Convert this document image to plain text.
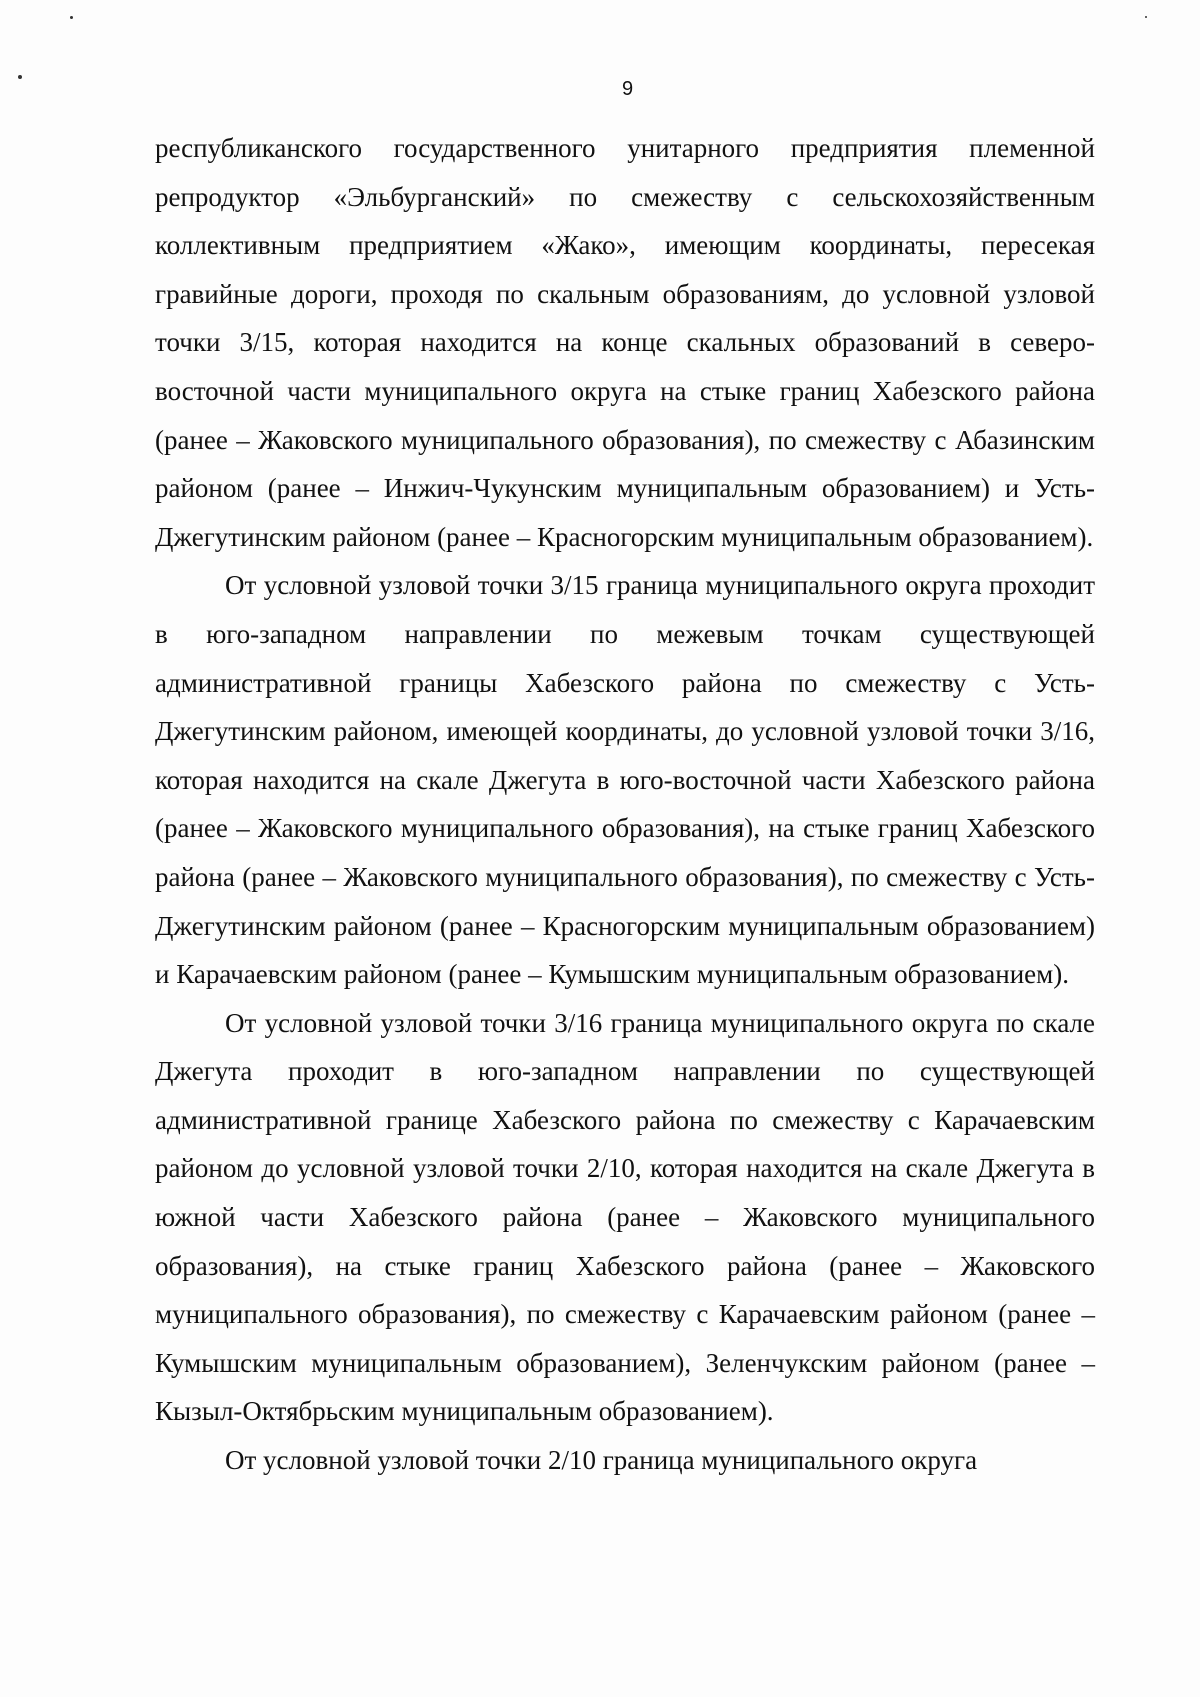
9

республиканского государственного унитарного предприятия племенной репродуктор «Эльбурганский» по смежеству с сельскохозяйственным коллективным предприятием «Жако», имеющим координаты, пересекая гравийные дороги, проходя по скальным образованиям, до условной узловой точки 3/15, которая находится на конце скальных образований в северо-восточной части муниципального округа на стыке границ Хабезского района (ранее – Жаковского муниципального образования), по смежеству с Абазинским районом (ранее – Инжич-Чукунским муниципальным образованием) и Усть-Джегутинским районом (ранее – Красногорским муниципальным образованием).

От условной узловой точки 3/15 граница муниципального округа проходит в юго-западном направлении по межевым точкам существующей административной границы Хабезского района по смежеству с Усть-Джегутинским районом, имеющей координаты, до условной узловой точки 3/16, которая находится на скале Джегута в юго-восточной части Хабезского района (ранее – Жаковского муниципального образования), на стыке границ Хабезского района (ранее – Жаковского муниципального образования), по смежеству с Усть-Джегутинским районом (ранее – Красногорским муниципальным образованием) и Карачаевским районом (ранее – Кумышским муниципальным образованием).

От условной узловой точки 3/16 граница муниципального округа по скале Джегута проходит в юго-западном направлении по существующей административной границе Хабезского района по смежеству с Карачаевским районом до условной узловой точки 2/10, которая находится на скале Джегута в южной части Хабезского района (ранее – Жаковского муниципального образования), на стыке границ Хабезского района (ранее – Жаковского муниципального образования), по смежеству с Карачаевским районом (ранее – Кумышским муниципальным образованием), Зеленчукским районом (ранее – Кызыл-Октябрьским муниципальным образованием).

От условной узловой точки 2/10 граница муниципального округа
